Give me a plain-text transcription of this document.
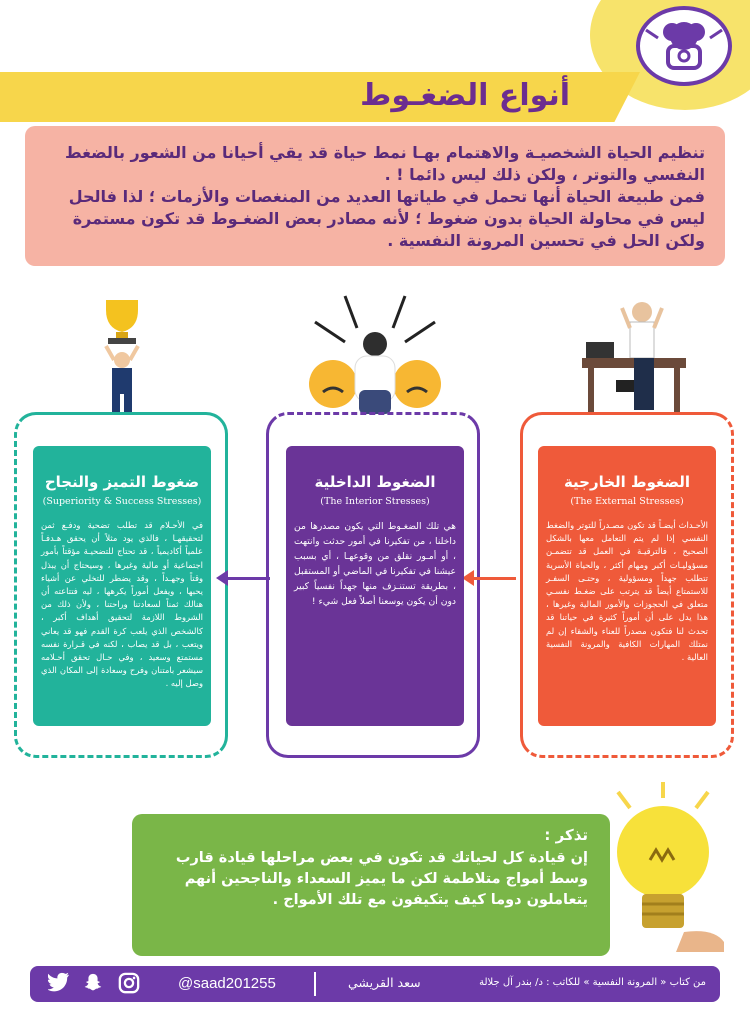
أنواع الضغـوط

تنظيم الحياة الشخصيـة والاهتمام بهـا نمط حياة قد يقي أحيانا من الشعور بالضغط النفسي والتوتر ، ولكن ذلك ليس دائما ! .

فمن طبيعة الحياة أنها تحمل في طياتها العديد من المنغصات والأزمات ؛ لذا فالحل ليس في محاولة الحياة بدون ضغوط ؛ لأنه مصادر بعض الضغـوط قد تكون مستمرة ولكن الحل في تحسين المرونة النفسية .

ضغوط التميز والنجاح
(Superiority & Success Stresses)
في الأحـلام قد تطلب تضحية ودفـع ثمن لتحقيقهـا ، فالذي يود مثلاً أن يحقق هـدفـاً علمياً أكاديمياً ، قد تحتاج للتضحيـة مؤقتاً بأمور اجتماعية أو مالية وغيرها ، وسيحتاج أن يبذل وقتاً وجهـداً ، وقد يضطر للتخلي عن أشياء يحبها ، ويفعل أموراً يكرهها ، ليه فتتاعته أن هنالك ثمناً لسعادتنا وراحتنا ، ولأن ذلك من الشروط اللازمة لتحقيق أهداف أكبر ، كالشخص الذي يلعب كرة القدم فهو قد يعاني ويتعب ، بل قد يصاب ، لكنه في قـرارة نفسه مستمتع وسعيد ، وفي حـال تحقق أحـلامه سيشعر بامتنان وفرح وسعادة إلى المكان الذي وصل إليه .
الضغوط الداخلية
(The Interior Stresses)
هي تلك الضغـوط التي يكون مصدرها من داخلنا ، من تفكيرنا في أمور حدثت وانتهت ، أو أمـور نقلق من وقوعهـا ، أي بسبب عيشنا في تفكيرنا في الماضي أو المستقبل ، بطريقة تستنـزف منها جهداً نفسياً كبير دون أن يكون يوسعنا أصلاً فعل شيء !
الضغوط الخارجية
(The External Stresses)
الأحـداث أيضـاً قد تكون مصـدراً للتوتر والضغط النفسي إذا لم يتم التعامل معها بالشكل الصحيح ، فالترقيـة في العمل قد تتضمـن مسؤوليـات أكبر ومهام أكثر ، والحياة الأسرية تتطلب جهداً ومسؤولية ، وحتـى السفـر للاستمتاع أيضاً قد يترتب على ضغـط نفسـي متعلق في الحجوزات والأمور المالية وغيرها ، هذا يدل على أن أموراً كثيرة في حياتنا قد تحدث لنا فتكون مصدراً للعناء والشقاء إن لم نمتلك المهارات الكافية والمرونة النفسية العالية .
تذكر :
إن قيادة كل لحياتك قد تكون في بعض مراحلها قيادة قارب وسط أمواج متلاطمة لكن ما يميز السعداء والناجحين أنهم يتعاملون دوما كيف يتكيفون مع تلك الأمواج .
@saad201255	سعد القريشي	من كتاب « المرونة النفسية » للكاتب : د/ بندر آل جلالة
